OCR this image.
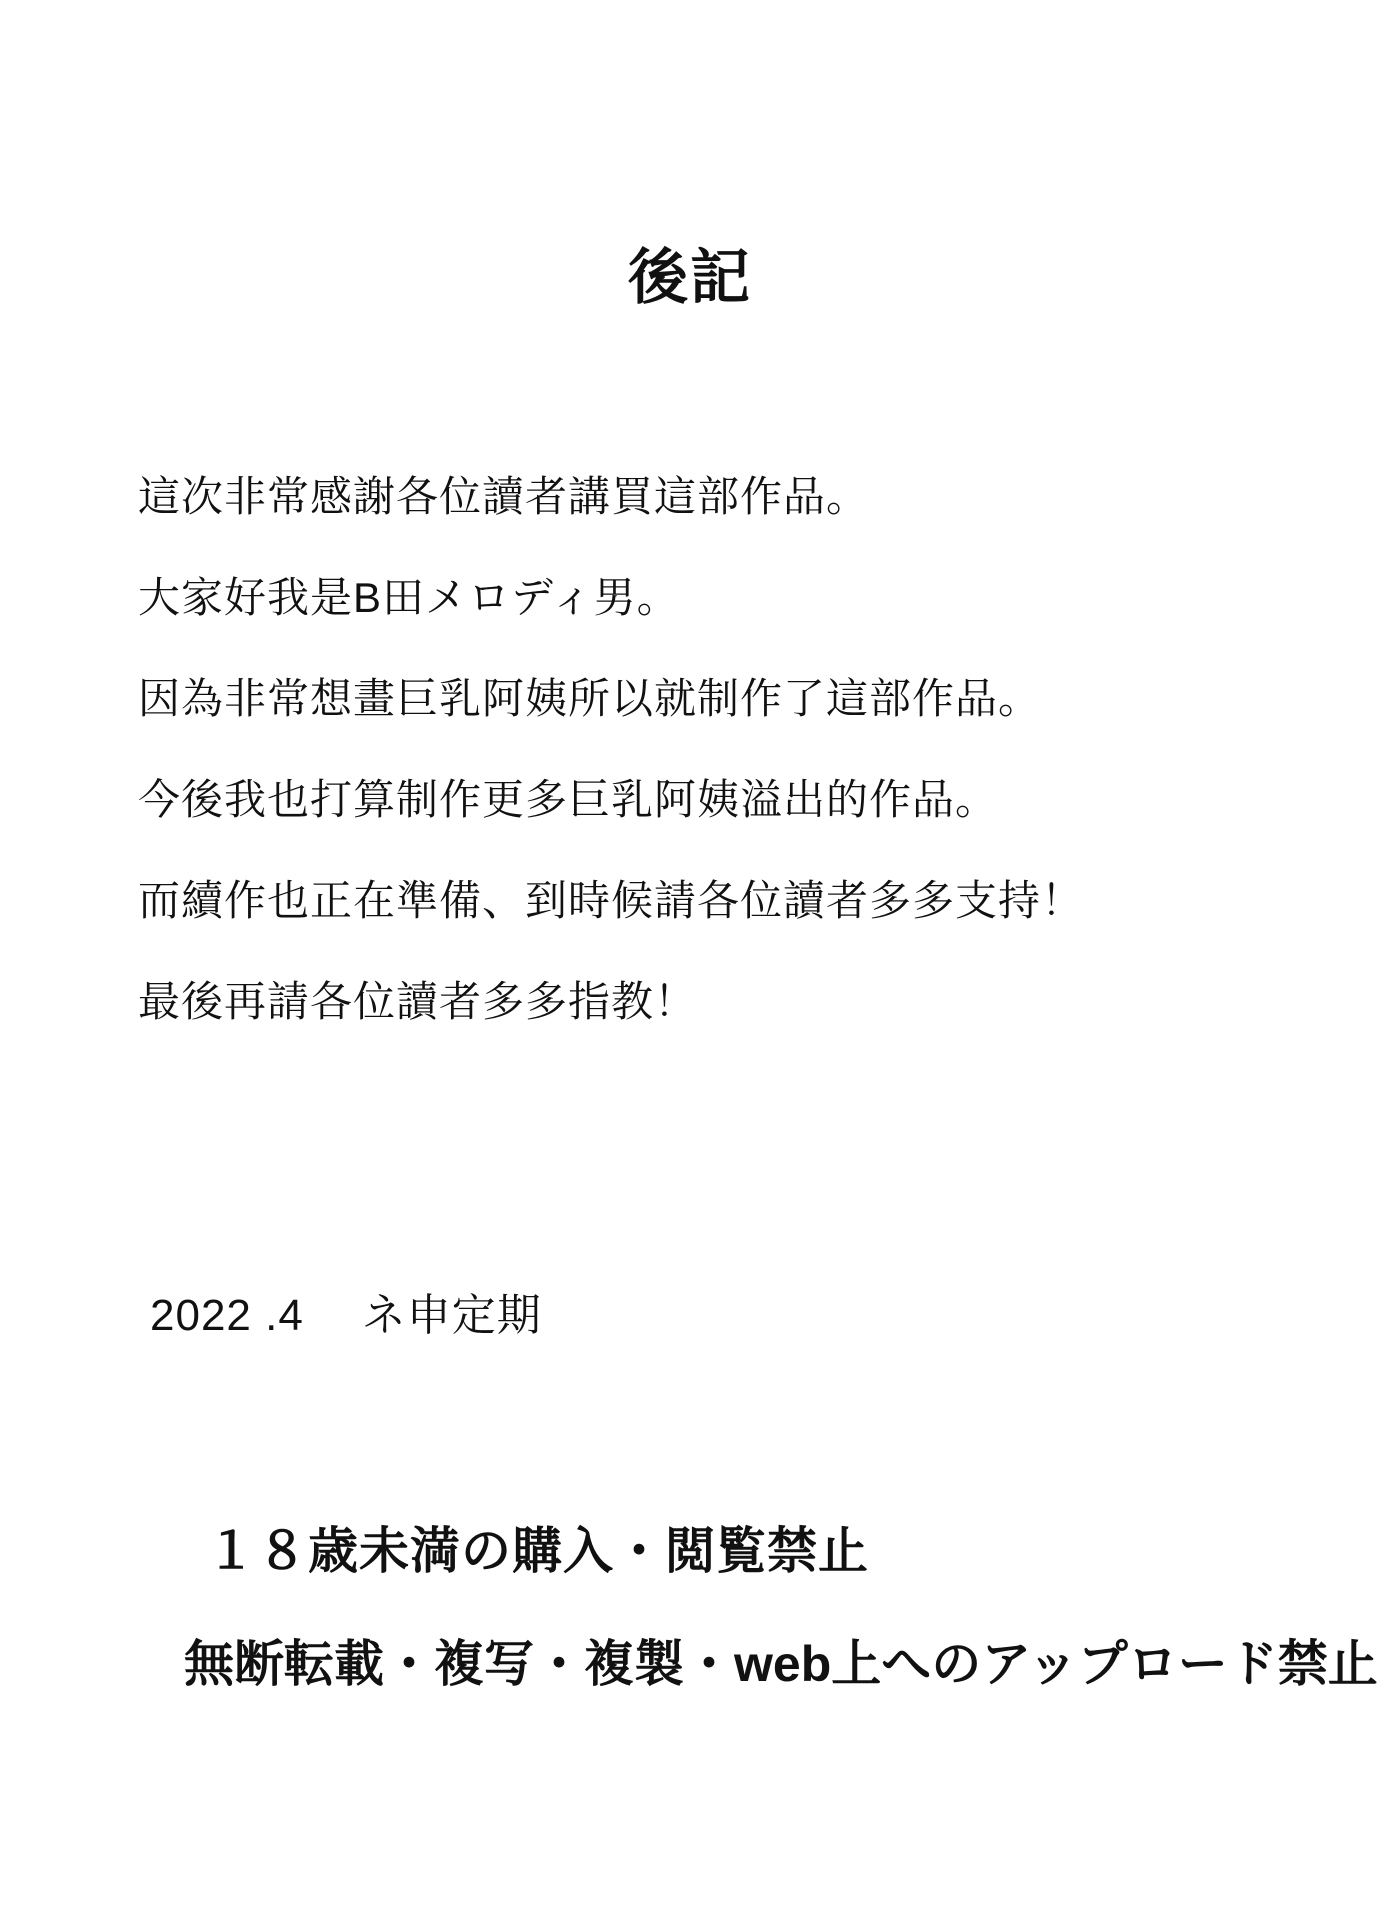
後記

這次非常感謝各位讀者講買這部作品。

大家好我是B田メロディ男。

因為非常想畫巨乳阿姨所以就制作了這部作品。

今後我也打算制作更多巨乳阿姨溢出的作品。

而續作也正在準備、到時候請各位讀者多多支持！

最後再請各位讀者多多指教！

2022 .4 ネ申定期

１８歳未満の購入・閲覧禁止

無断転載・複写・複製・web上へのアップロード禁止
